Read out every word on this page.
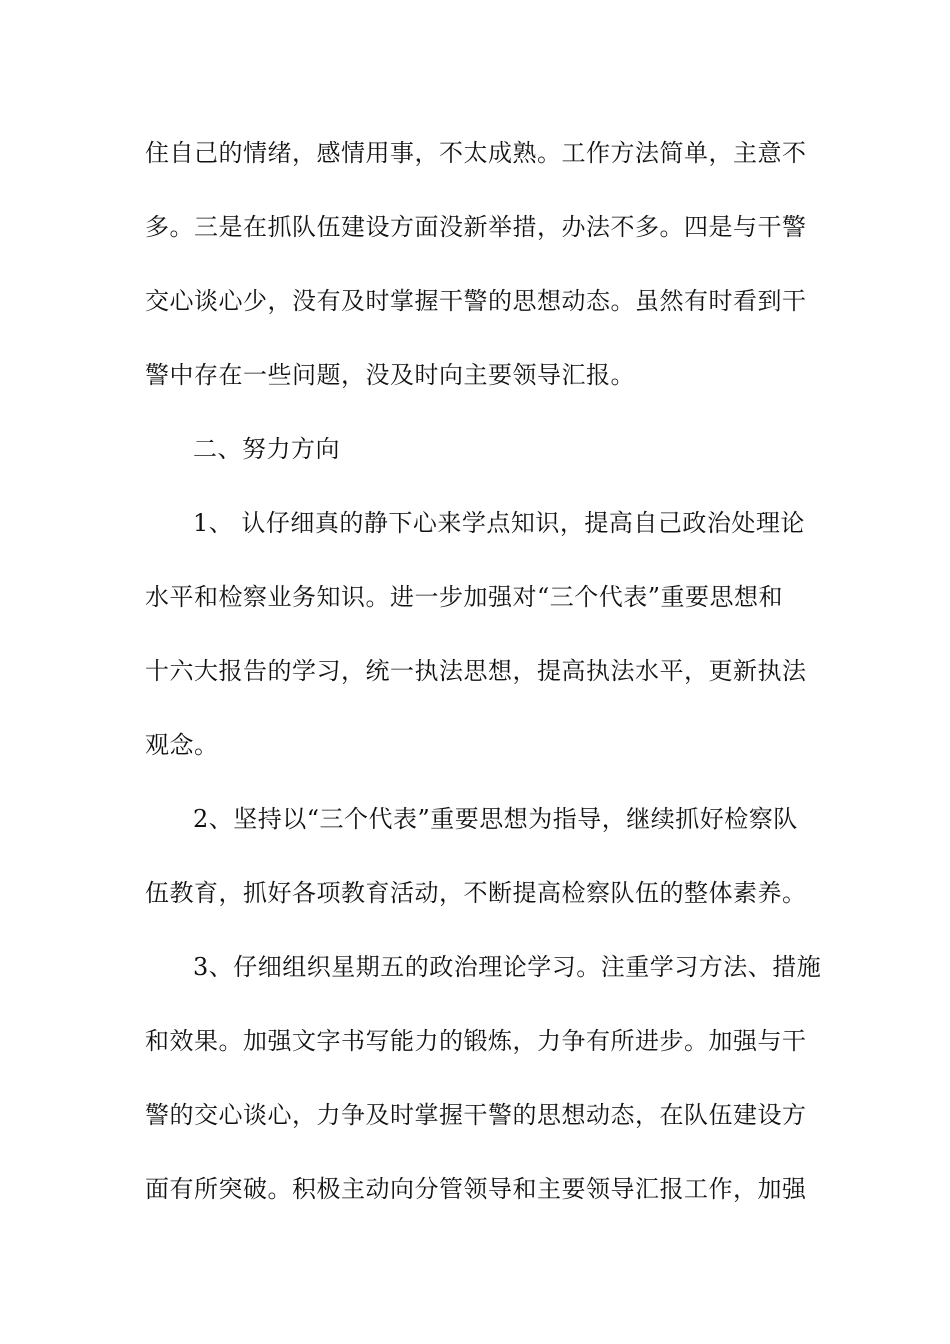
住自己的情绪，感情用事，不太成熟。工作方法简单，主意不
多。三是在抓队伍建设方面没新举措，办法不多。四是与干警
交心谈心少，没有及时掌握干警的思想动态。虽然有时看到干
警中存在一些问题，没及时向主要领导汇报。
二、努力方向
1、 认仔细真的静下心来学点知识，提高自己政治处理论
水平和检察业务知识。进一步加强对“三个代表”重要思想和
十六大报告的学习，统一执法思想，提高执法水平，更新执法
观念。
2、坚持以“三个代表”重要思想为指导，继续抓好检察队
伍教育，抓好各项教育活动，不断提高检察队伍的整体素养。
3、仔细组织星期五的政治理论学习。注重学习方法、措施
和效果。加强文字书写能力的锻炼，力争有所进步。加强与干
警的交心谈心，力争及时掌握干警的思想动态，在队伍建设方
面有所突破。积极主动向分管领导和主要领导汇报工作，加强
